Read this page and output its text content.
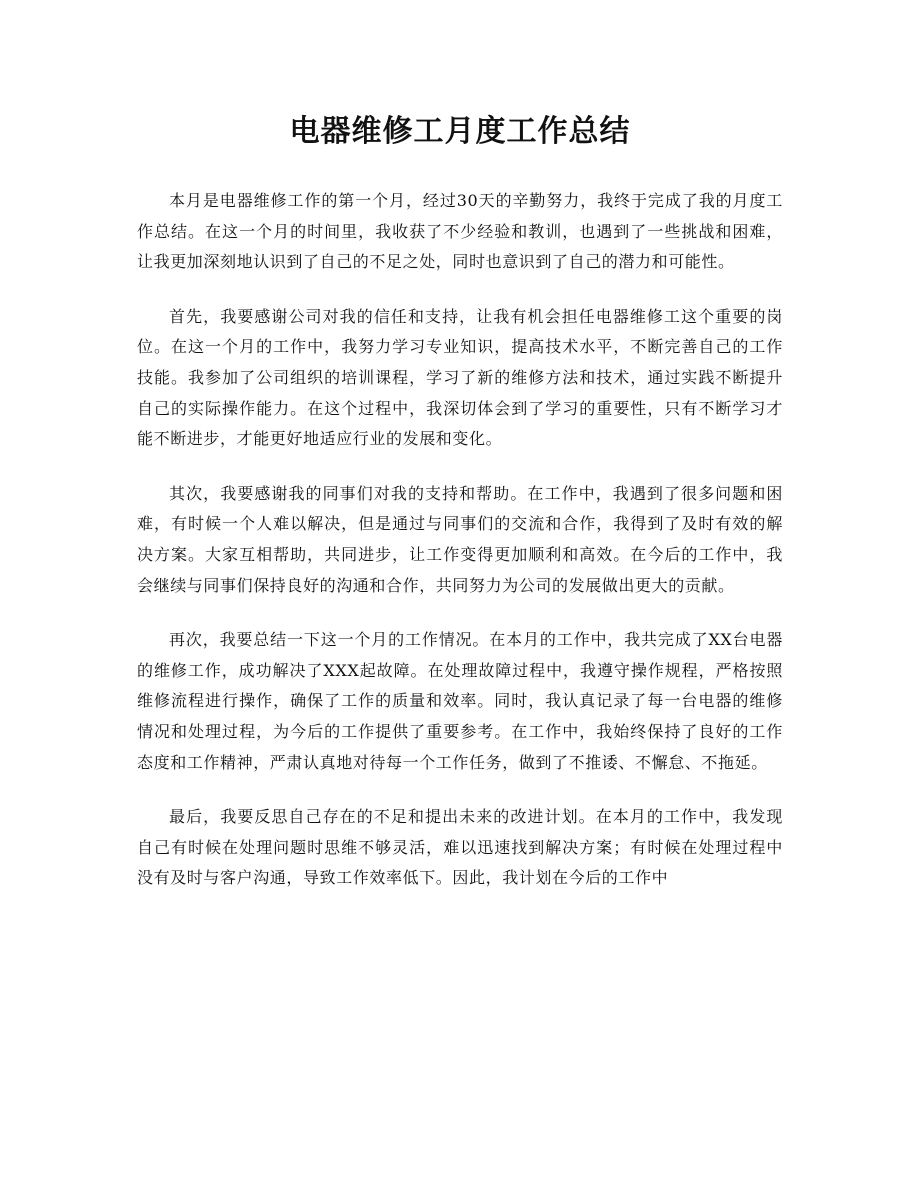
电器维修工月度工作总结

本月是电器维修工作的第一个月，经过30天的辛勤努力，我终于完成了我的月度工作总结。在这一个月的时间里，我收获了不少经验和教训，也遇到了一些挑战和困难，让我更加深刻地认识到了自己的不足之处，同时也意识到了自己的潜力和可能性。

首先，我要感谢公司对我的信任和支持，让我有机会担任电器维修工这个重要的岗位。在这一个月的工作中，我努力学习专业知识，提高技术水平，不断完善自己的工作技能。我参加了公司组织的培训课程，学习了新的维修方法和技术，通过实践不断提升自己的实际操作能力。在这个过程中，我深切体会到了学习的重要性，只有不断学习才能不断进步，才能更好地适应行业的发展和变化。

其次，我要感谢我的同事们对我的支持和帮助。在工作中，我遇到了很多问题和困难，有时候一个人难以解决，但是通过与同事们的交流和合作，我得到了及时有效的解决方案。大家互相帮助，共同进步，让工作变得更加顺利和高效。在今后的工作中，我会继续与同事们保持良好的沟通和合作，共同努力为公司的发展做出更大的贡献。

再次，我要总结一下这一个月的工作情况。在本月的工作中，我共完成了XX台电器的维修工作，成功解决了XXX起故障。在处理故障过程中，我遵守操作规程，严格按照维修流程进行操作，确保了工作的质量和效率。同时，我认真记录了每一台电器的维修情况和处理过程，为今后的工作提供了重要参考。在工作中，我始终保持了良好的工作态度和工作精神，严肃认真地对待每一个工作任务，做到了不推诿、不懈怠、不拖延。

最后，我要反思自己存在的不足和提出未来的改进计划。在本月的工作中，我发现自己有时候在处理问题时思维不够灵活，难以迅速找到解决方案；有时候在处理过程中没有及时与客户沟通，导致工作效率低下。因此，我计划在今后的工作中
